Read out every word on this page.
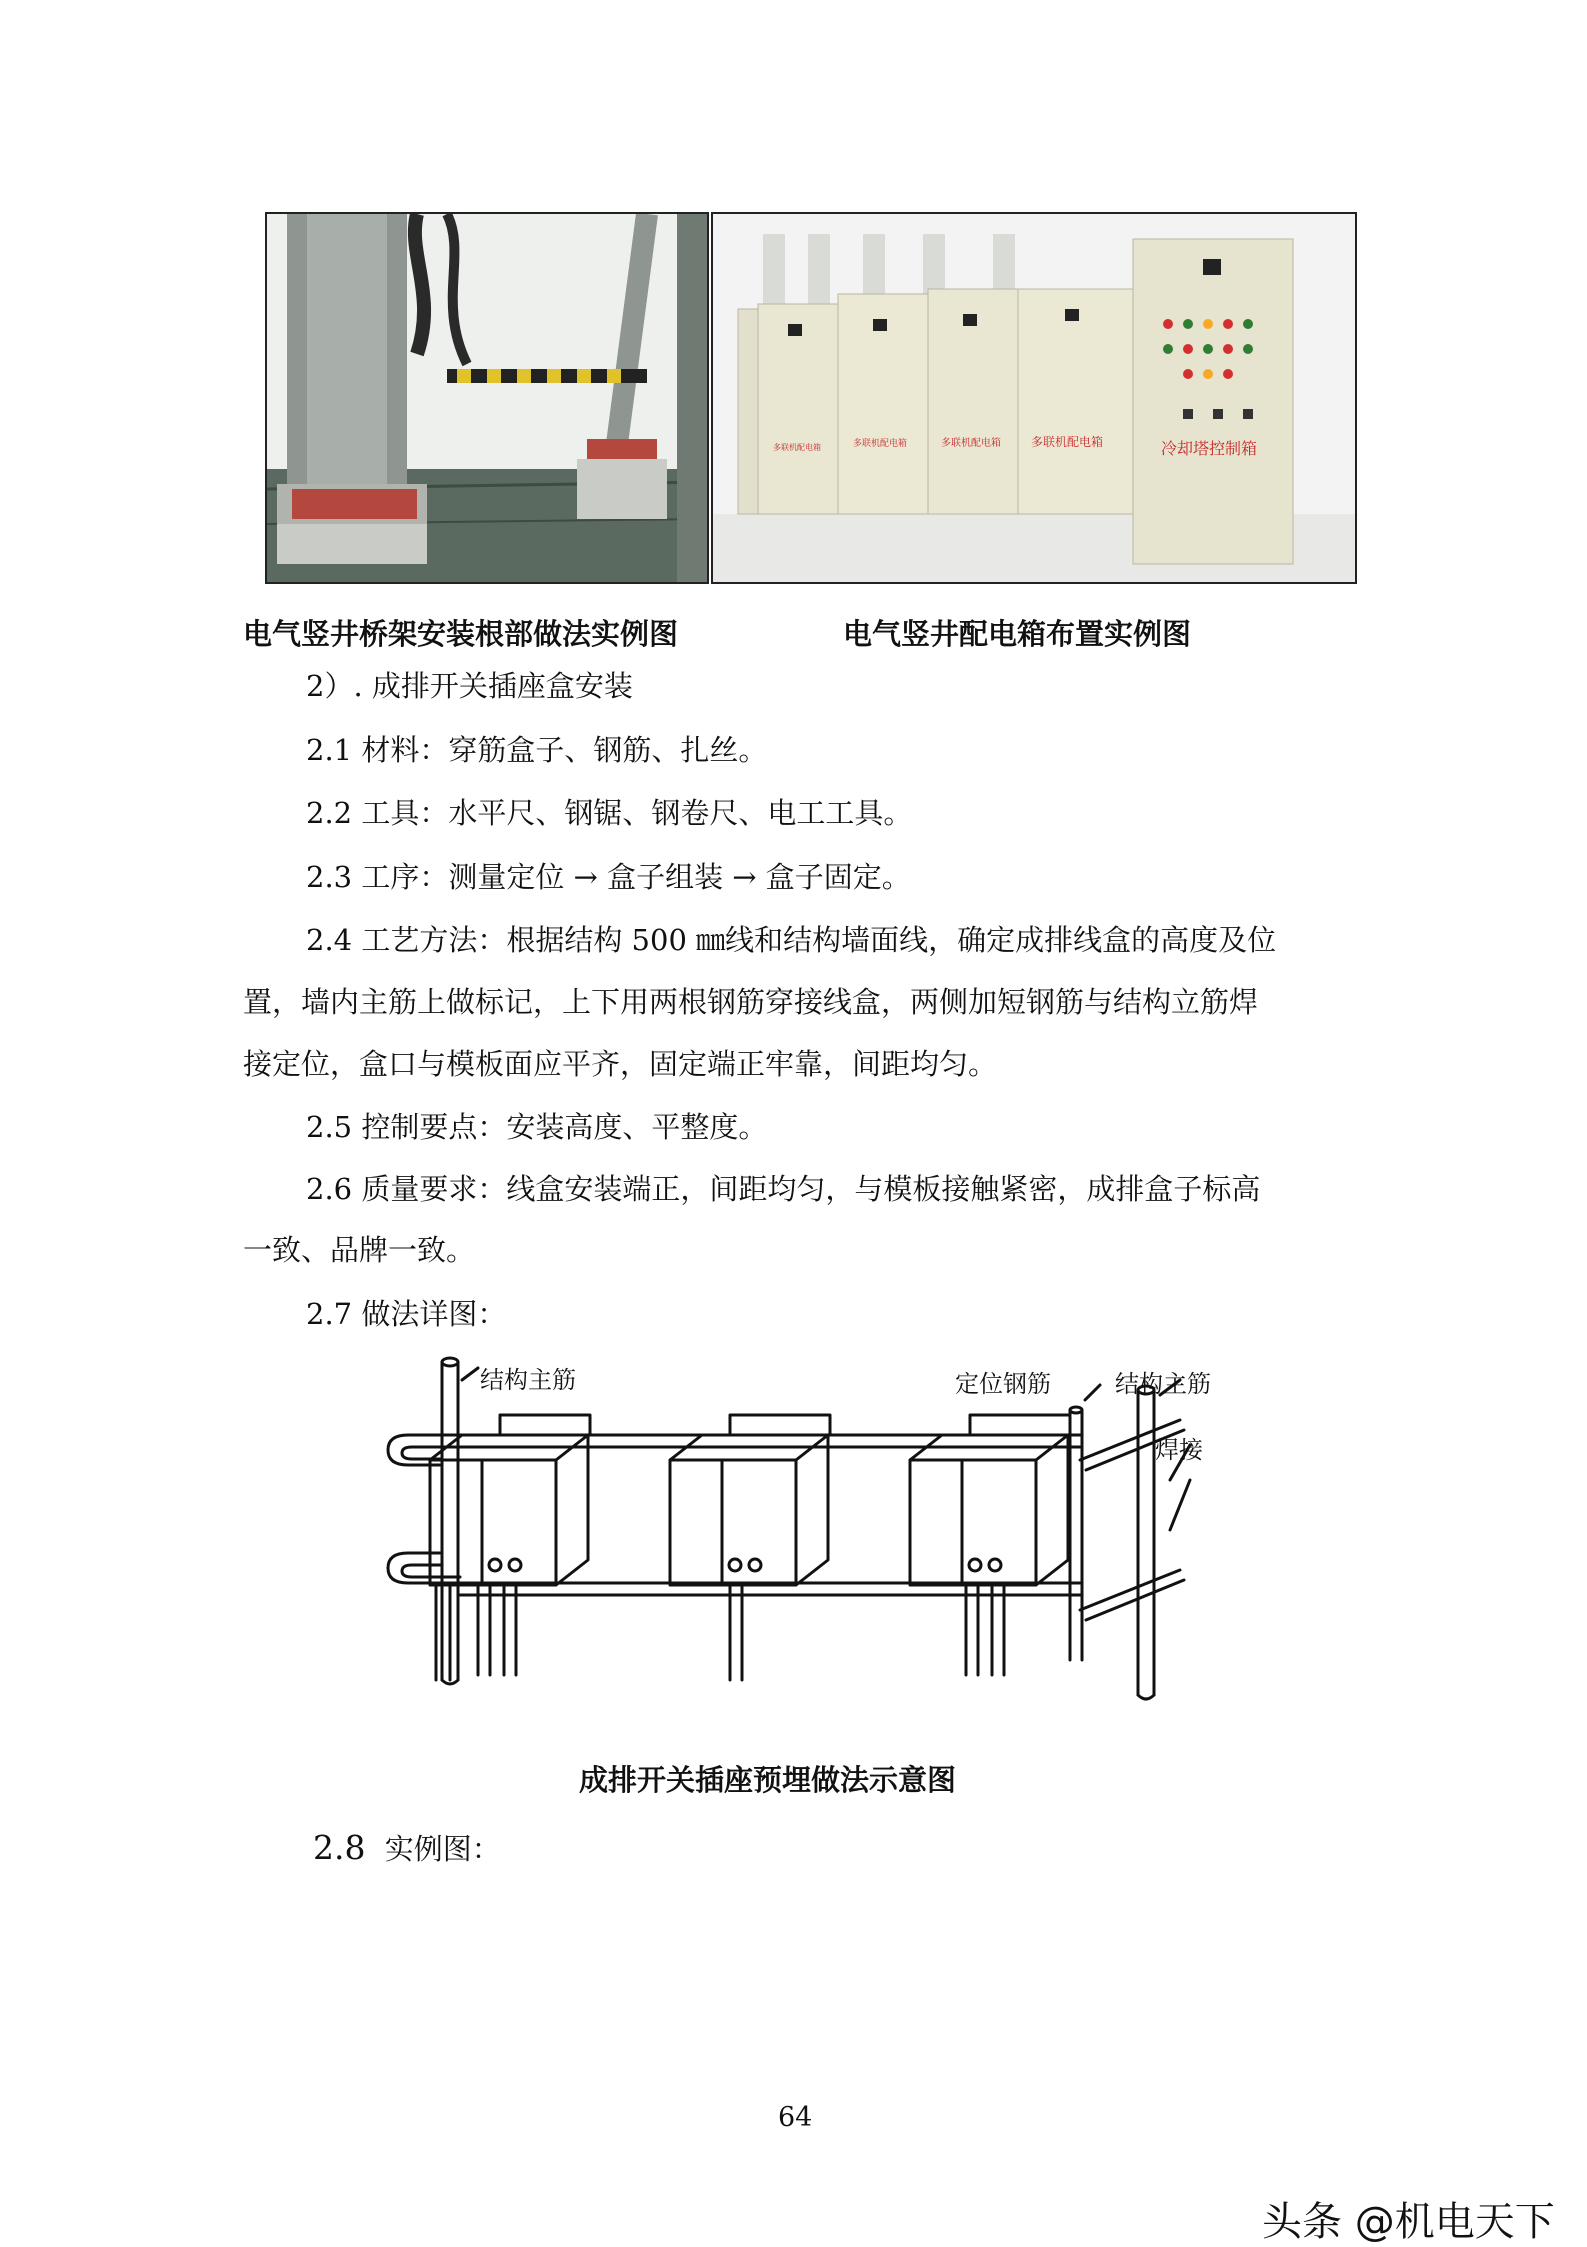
多联机配电箱	多联机配电箱	多联机配电箱	多联机配电箱	冷却塔控制箱
电气竖井桥架安装根部做法实例图	电气竖井配电箱布置实例图
2）. 成排开关插座盒安装
2.1 材料：穿筋盒子、钢筋、扎丝。
2.2 工具：水平尺、钢锯、钢卷尺、电工工具。
2.3 工序：测量定位 → 盒子组装 → 盒子固定。
2.4 工艺方法：根据结构 500 ㎜线和结构墙面线，确定成排线盒的高度及位
置，墙内主筋上做标记，上下用两根钢筋穿接线盒，两侧加短钢筋与结构立筋焊
接定位，盒口与模板面应平齐，固定端正牢靠，间距均匀。
2.5 控制要点：安装高度、平整度。
2.6 质量要求：线盒安装端正，间距均匀，与模板接触紧密，成排盒子标高
一致、品牌一致。
2.7 做法详图：
结构主筋	定位钢筋	结构主筋
焊接
成排开关插座预埋做法示意图
2.8 实例图：
64
头条 @机电天下
